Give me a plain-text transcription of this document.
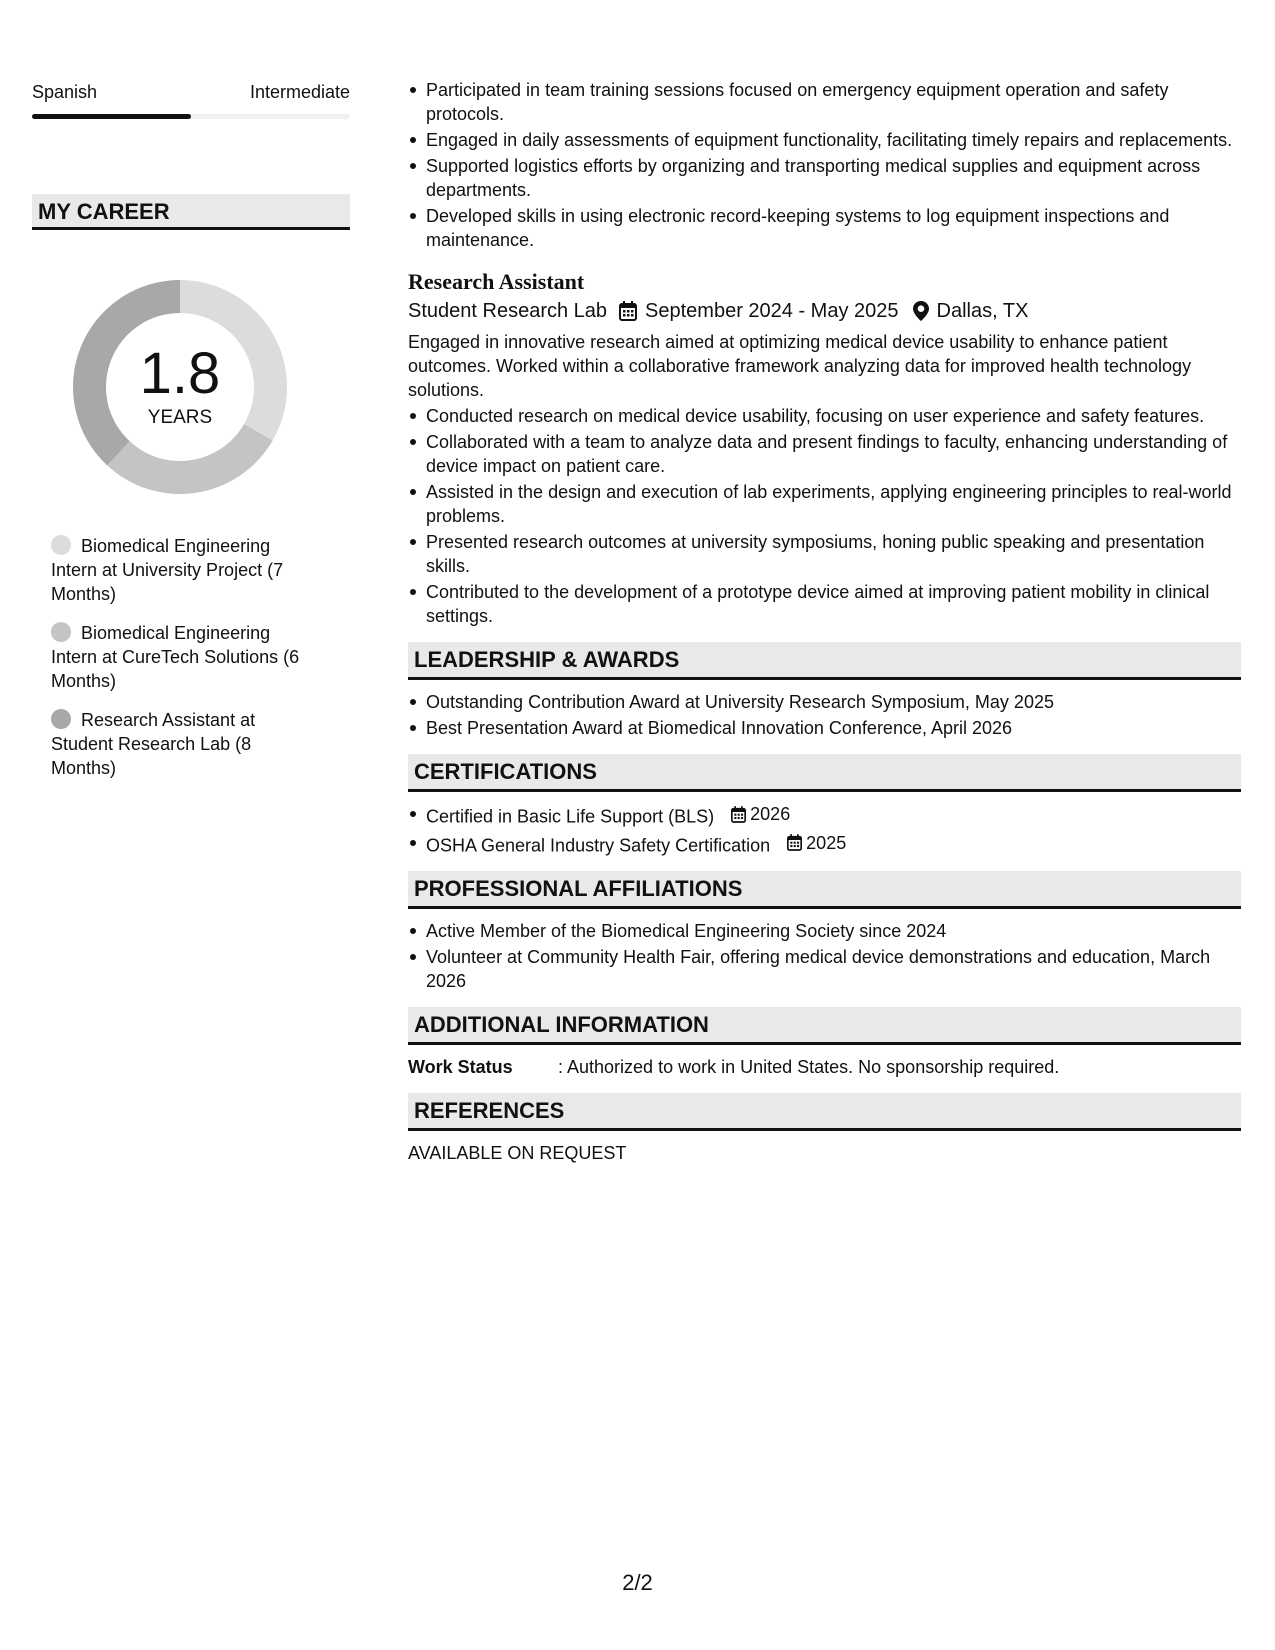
Spanish	Intermediate
MY CAREER
1.8
YEARS
Biomedical Engineering Intern at University Project (7 Months)
Biomedical Engineering Intern at CureTech Solutions (6 Months)
Research Assistant at Student Research Lab (8 Months)
Participated in team training sessions focused on emergency equipment operation and safety protocols.
Engaged in daily assessments of equipment functionality, facilitating timely repairs and replacements.
Supported logistics efforts by organizing and transporting medical supplies and equipment across departments.
Developed skills in using electronic record-keeping systems to log equipment inspections and maintenance.
Research Assistant
Student Research Lab September 2024 - May 2025 Dallas, TX
Engaged in innovative research aimed at optimizing medical device usability to enhance patient outcomes. Worked within a collaborative framework analyzing data for improved health technology solutions.
Conducted research on medical device usability, focusing on user experience and safety features.
Collaborated with a team to analyze data and present findings to faculty, enhancing understanding of device impact on patient care.
Assisted in the design and execution of lab experiments, applying engineering principles to real-world problems.
Presented research outcomes at university symposiums, honing public speaking and presentation skills.
Contributed to the development of a prototype device aimed at improving patient mobility in clinical settings.
LEADERSHIP & AWARDS
Outstanding Contribution Award at University Research Symposium, May 2025
Best Presentation Award at Biomedical Innovation Conference, April 2026
CERTIFICATIONS
Certified in Basic Life Support (BLS) 2026
OSHA General Industry Safety Certification 2025
PROFESSIONAL AFFILIATIONS
Active Member of the Biomedical Engineering Society since 2024
Volunteer at Community Health Fair, offering medical device demonstrations and education, March 2026
ADDITIONAL INFORMATION
Work Status	: Authorized to work in United States. No sponsorship required.
REFERENCES
AVAILABLE ON REQUEST
2/2
